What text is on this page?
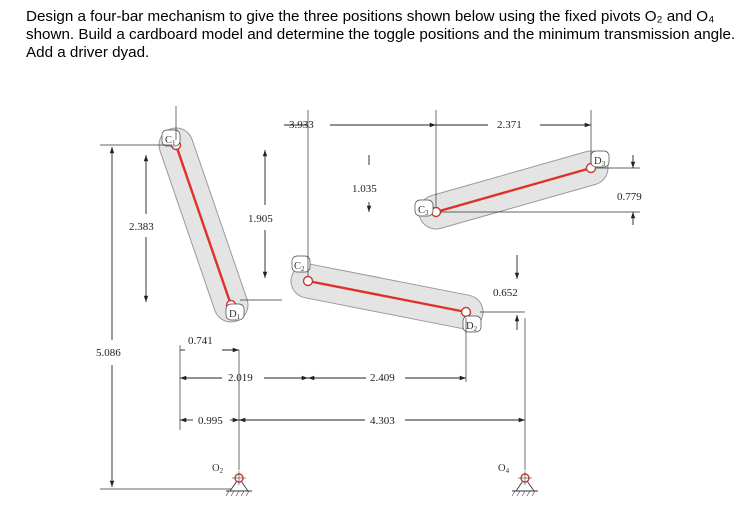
Design a four-bar mechanism to give the three positions shown below using the fixed pivots O₂ and O₄ shown. Build a cardboard model and determine the toggle positions and the minimum transmission angle. Add a driver dyad.

C1
D1
C2
D2
C3
D3
3.933	2.371
1.035
0.779
1.905
2.383
0.652
0.741
5.086
2.019	2.409
0.995	4.303
O2	O4
